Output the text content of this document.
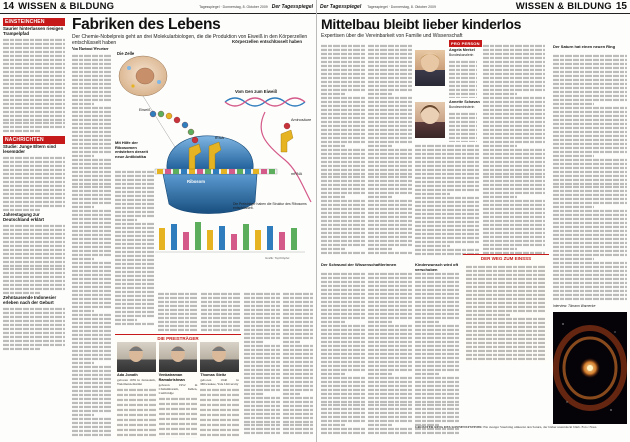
14 WISSEN & BILDUNG	Tagesspiegel · Donnerstag, 8. Oktober 2009 Der Tagesspiegel
EINSTEINCHEN
Saurier hinterlassen riesigen Trampelpfad
NACHRICHTEN
Studie: Junge Eltern sind lesemüder
Jahrestagung zur Deutschland erklärt
Zehntausende Indonesier erleben nach der Geburt
Fabriken des Lebens
Der Chemie-Nobelpreis geht an drei Molekularbiologen, die die Produktion von Eiweiß in den Körperzellen entschlüsselt haben
Von Hartmut Wewetzer
Mit Hilfe der Ribosomen entstehen derzeit neue Antibiotika
Die Zelle
Vom Gen zum Eiweiß
Ribosom
tRNA
mRNA
Eiweiß
Aminosäure
Die Preisträger haben die Struktur des Ribosoms entschlüsselt.
Grafik: Tsp/Klöpfel
Körperzellen entschlüsselt haben
DIE PREISTRÄGER
Ada Jonath
geboren 1939 in Jerusalem, Weizmann-Institut
Venkatraman Ramakrishnan
geboren 1952 in Chidambaram, Indien, Cambridge
Thomas Steitz
geboren 1940 in Milwaukee, Yale University
Der Tagesspiegel Tagesspiegel · Donnerstag, 8. Oktober 2009	WISSEN & BILDUNG 15
Mittelbau bleibt lieber kinderlos
Expertisen über die Vereinbarkeit von Familie und Wissenschaft
PRO PERSON
Angela Merkel
Bundeskanzlerin
Annette Schavan
Bundesministerin
Der Schwund der Wissenschaftlerinnen	Kinderwunsch wird oft verschoben
DER WEG ZUM EINSSS
Der Saturn hat einen neuen Ring
Interview: Tilmann Warnecke
GRÖSSTER RING DES SONNENSYSTEMS: Ein riesiger Staubring umkreist den Saturn, der bisher unentdeckt blieb. Foto: Nasa
